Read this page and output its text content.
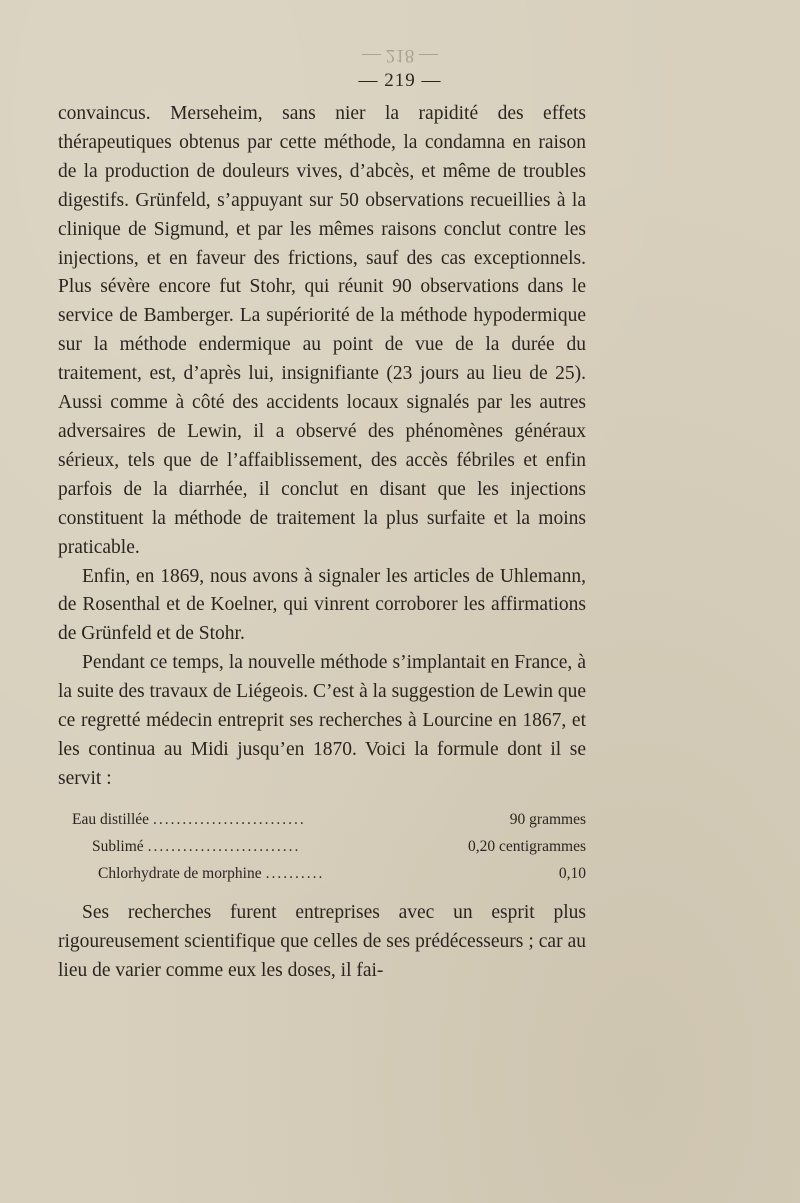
— 218 —
— 219 —

convaincus. Merseheim, sans nier la rapidité des effets thérapeutiques obtenus par cette méthode, la condamna en raison de la production de douleurs vives, d’abcès, et même de troubles digestifs. Grünfeld, s’appuyant sur 50 observations recueillies à la clinique de Sigmund, et par les mêmes raisons conclut contre les injections, et en faveur des frictions, sauf des cas exceptionnels. Plus sévère encore fut Stohr, qui réunit 90 observations dans le service de Bamberger. La supériorité de la méthode hypodermique sur la méthode endermique au point de vue de la durée du traitement, est, d’après lui, insignifiante (23 jours au lieu de 25). Aussi comme à côté des accidents locaux signalés par les autres adversaires de Lewin, il a observé des phénomènes généraux sérieux, tels que de l’affaiblissement, des accès fébriles et enfin parfois de la diarrhée, il conclut en disant que les injections constituent la méthode de traitement la plus surfaite et la moins praticable.

Enfin, en 1869, nous avons à signaler les articles de Uhlemann, de Rosenthal et de Koelner, qui vinrent corroborer les affirmations de Grünfeld et de Stohr.

Pendant ce temps, la nouvelle méthode s’implantait en France, à la suite des travaux de Liégeois. C’est à la suggestion de Lewin que ce regretté médecin entreprit ses recherches à Lourcine en 1867, et les continua au Midi jusqu’en 1870. Voici la formule dont il se servit :

Eau distillée ..........................	90 grammes
Sublimé ..........................	0,20 centigrammes
Chlorhydrate de morphine ..........	0,10

Ses recherches furent entreprises avec un esprit plus rigoureusement scientifique que celles de ses prédécesseurs ; car au lieu de varier comme eux les doses, il fai-
